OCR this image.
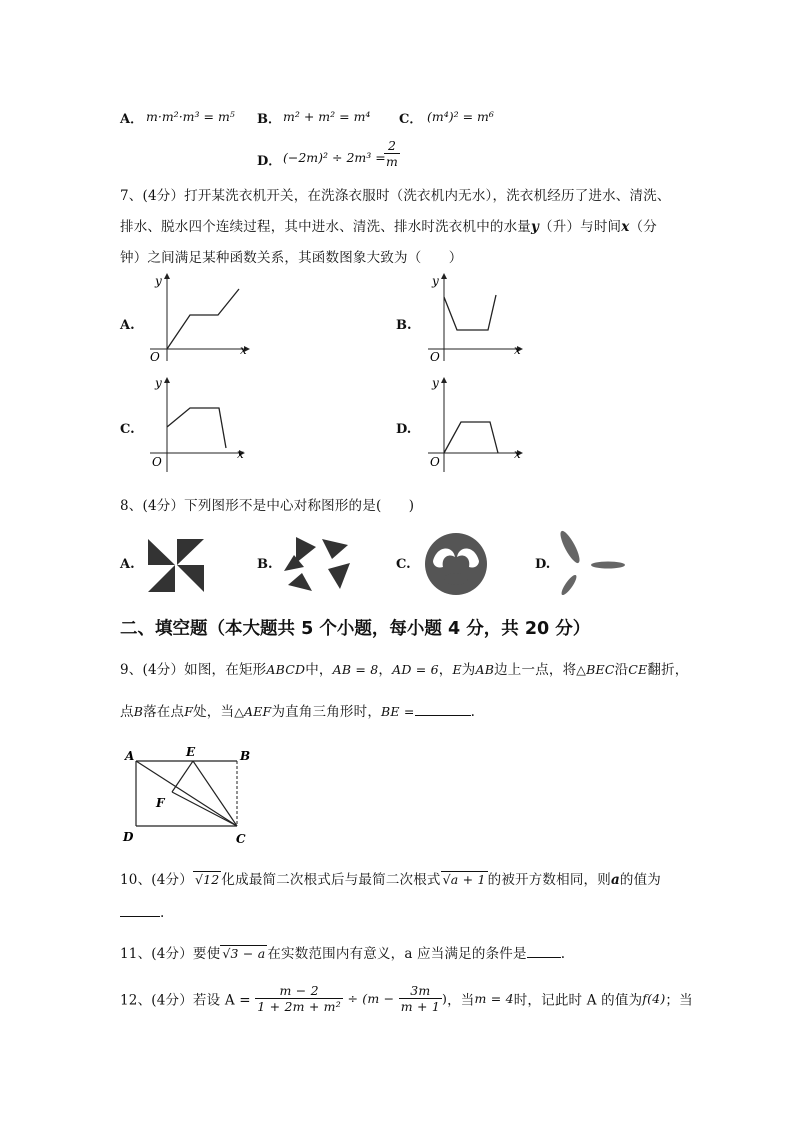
A． m·m²·m³ = m⁵ B． m² + m² = m⁴ C． (m⁴)² = m⁶
D． (−2m)² ÷ 2m³ =
$\frac{2}{m}$
7、(4分）打开某洗衣机开关，在洗涤衣服时（洗衣机内无水），洗衣机经历了进水、清洗、
排水、脱水四个连续过程，其中进水、清洗、排水时洗衣机中的水量y（升）与时间x（分
钟）之间满足某种函数关系，其函数图象大致为（　　）
A.
y
x
O
B.
y
x
O
C.
y
x
O
D.
y
x
O
8、(4分）下列图形不是中心对称图形的是(　　)
A.	B.	C.	D.
二、填空题（本大题共 5 个小题，每小题 4 分，共 20 分）
9、(4分）如图，在矩形ABCD中，AB = 8，AD = 6，E为AB边上一点，将△BEC沿CE翻折，
点B落在点F处，当△AEF为直角三角形时，BE =	.
A	E	B
F
D	C
10、(4分） √12 化成最简二次根式后与最简二次根式 √a + 1 的被开方数相同，则a的值为
.
11、(4分）要使 √3 − a 在实数范围内有意义，a 应当满足的条件是	.
12、(4分）若设 $A = \frac{m - 2}{\text{1 + 2m + m²}} \div (m - \frac{3m}{m + 1}$ )，当m = 4时，记此时 A 的值为f(4)；当
